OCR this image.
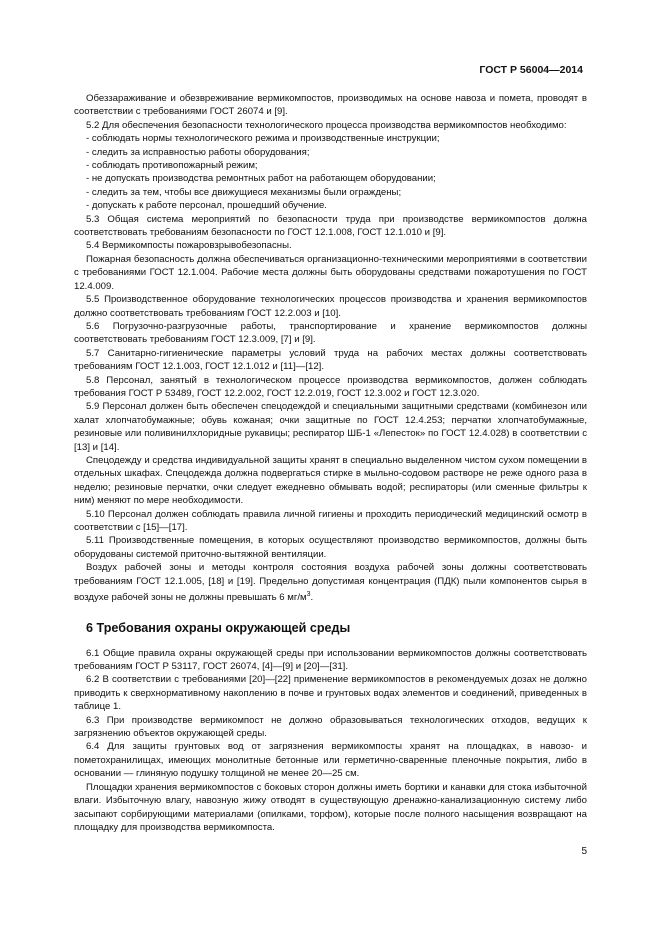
ГОСТ Р 56004—2014

Обеззараживание и обезвреживание вермикомпостов, производимых на основе навоза и помета, проводят в соответствии с требованиями ГОСТ 26074 и [9].

5.2 Для обеспечения безопасности технологического процесса производства вермикомпостов необходимо:

- соблюдать нормы технологического режима и производственные инструкции;
- следить за исправностью работы оборудования;
- соблюдать противопожарный режим;
- не допускать производства ремонтных работ на работающем оборудовании;
- следить за тем, чтобы все движущиеся механизмы были ограждены;
- допускать к работе персонал, прошедший обучение.

5.3 Общая система мероприятий по безопасности труда при производстве вермикомпостов должна соответствовать требованиям безопасности по ГОСТ 12.1.008, ГОСТ 12.1.010 и [9].

5.4 Вермикомпосты пожаровзрывобезопасны.

Пожарная безопасность должна обеспечиваться организационно-техническими мероприятиями в соответствии с требованиями ГОСТ 12.1.004. Рабочие места должны быть оборудованы средствами пожаротушения по ГОСТ 12.4.009.

5.5 Производственное оборудование технологических процессов производства и хранения вермикомпостов должно соответствовать требованиям ГОСТ 12.2.003 и [10].

5.6 Погрузочно-разгрузочные работы, транспортирование и хранение вермикомпостов должны соответствовать требованиям ГОСТ 12.3.009, [7] и [9].

5.7 Санитарно-гигиенические параметры условий труда на рабочих местах должны соответствовать требованиям ГОСТ 12.1.003, ГОСТ 12.1.012 и [11]—[12].

5.8 Персонал, занятый в технологическом процессе производства вермикомпостов, должен соблюдать требования ГОСТ Р 53489, ГОСТ 12.2.002, ГОСТ 12.2.019, ГОСТ 12.3.002 и ГОСТ 12.3.020.

5.9 Персонал должен быть обеспечен спецодеждой и специальными защитными средствами (комбинезон или халат хлопчатобумажные; обувь кожаная; очки защитные по ГОСТ 12.4.253; перчатки хлопчатобумажные, резиновые или поливинилхлоридные рукавицы; респиратор ШБ-1 «Лепесток» по ГОСТ 12.4.028) в соответствии с [13] и [14].

Спецодежду и средства индивидуальной защиты хранят в специально выделенном чистом сухом помещении в отдельных шкафах. Спецодежда должна подвергаться стирке в мыльно-содовом растворе не реже одного раза в неделю; резиновые перчатки, очки следует ежедневно обмывать водой; респираторы (или сменные фильтры к ним) меняют по мере необходимости.

5.10 Персонал должен соблюдать правила личной гигиены и проходить периодический медицинский осмотр в соответствии с [15]—[17].

5.11 Производственные помещения, в которых осуществляют производство вермикомпостов, должны быть оборудованы системой приточно-вытяжной вентиляции.

Воздух рабочей зоны и методы контроля состояния воздуха рабочей зоны должны соответствовать требованиям ГОСТ 12.1.005, [18] и [19]. Предельно допустимая концентрация (ПДК) пыли компонентов сырья в воздухе рабочей зоны не должны превышать 6 $мг/м^3$.

6 Требования охраны окружающей среды

6.1 Общие правила охраны окружающей среды при использовании вермикомпостов должны соответствовать требованиям ГОСТ Р 53117, ГОСТ 26074, [4]—[9] и [20]—[31].

6.2 В соответствии с требованиями [20]—[22] применение вермикомпостов в рекомендуемых дозах не должно приводить к сверхнормативному накоплению в почве и грунтовых водах элементов и соединений, приведенных в таблице 1.

6.3 При производстве вермикомпост не должно образовываться технологических отходов, ведущих к загрязнению объектов окружающей среды.

6.4 Для защиты грунтовых вод от загрязнения вермикомпосты хранят на площадках, в навозо- и пометохранилищах, имеющих монолитные бетонные или герметично-сваренные пленочные покрытия, либо в основании — глиняную подушку толщиной не менее 20—25 см.

Площадки хранения вермикомпостов с боковых сторон должны иметь бортики и канавки для стока избыточной влаги. Избыточную влагу, навозную жижу отводят в существующую дренажно-канализационную систему либо засыпают сорбирующими материалами (опилками, торфом), которые после полного насыщения возвращают на площадку для производства вермикомпоста.

5
